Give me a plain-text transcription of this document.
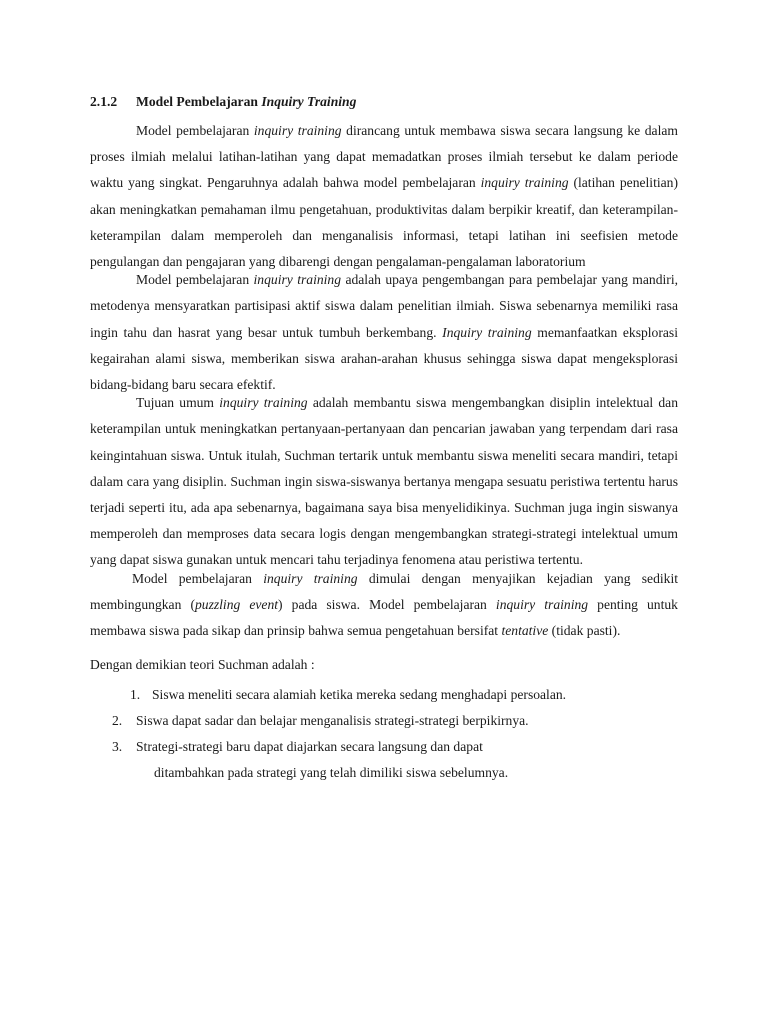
2.1.2 Model Pembelajaran Inquiry Training

Model pembelajaran inquiry training dirancang untuk membawa siswa secara langsung ke dalam proses ilmiah melalui latihan-latihan yang dapat memadatkan proses ilmiah tersebut ke dalam periode waktu yang singkat. Pengaruhnya adalah bahwa model pembelajaran inquiry training (latihan penelitian) akan meningkatkan pemahaman ilmu pengetahuan, produktivitas dalam berpikir kreatif, dan keterampilan-keterampilan dalam memperoleh dan menganalisis informasi, tetapi latihan ini seefisien metode pengulangan dan pengajaran yang dibarengi dengan pengalaman-pengalaman laboratorium

Model pembelajaran inquiry training adalah upaya pengembangan para pembelajar yang mandiri, metodenya mensyaratkan partisipasi aktif siswa dalam penelitian ilmiah. Siswa sebenarnya memiliki rasa ingin tahu dan hasrat yang besar untuk tumbuh berkembang. Inquiry training memanfaatkan eksplorasi kegairahan alami siswa, memberikan siswa arahan-arahan khusus sehingga siswa dapat mengeksplorasi bidang-bidang baru secara efektif.

Tujuan umum inquiry training adalah membantu siswa mengembangkan disiplin intelektual dan keterampilan untuk meningkatkan pertanyaan-pertanyaan dan pencarian jawaban yang terpendam dari rasa keingintahuan siswa. Untuk itulah, Suchman tertarik untuk membantu siswa meneliti secara mandiri, tetapi dalam cara yang disiplin. Suchman ingin siswa-siswanya bertanya mengapa sesuatu peristiwa tertentu harus terjadi seperti itu, ada apa sebenarnya, bagaimana saya bisa menyelidikinya. Suchman juga ingin siswanya memperoleh dan memproses data secara logis dengan mengembangkan strategi-strategi intelektual umum yang dapat siswa gunakan untuk mencari tahu terjadinya fenomena atau peristiwa tertentu.

Model pembelajaran inquiry training dimulai dengan menyajikan kejadian yang sedikit membingungkan (puzzling event) pada siswa. Model pembelajaran inquiry training penting untuk membawa siswa pada sikap dan prinsip bahwa semua pengetahuan bersifat tentative (tidak pasti).

Dengan demikian teori Suchman adalah :

1. Siswa meneliti secara alamiah ketika mereka sedang menghadapi persoalan.
2. Siswa dapat sadar dan belajar menganalisis strategi-strategi berpikirnya.
3. Strategi-strategi baru dapat diajarkan secara langsung dan dapat
ditambahkan pada strategi yang telah dimiliki siswa sebelumnya.
